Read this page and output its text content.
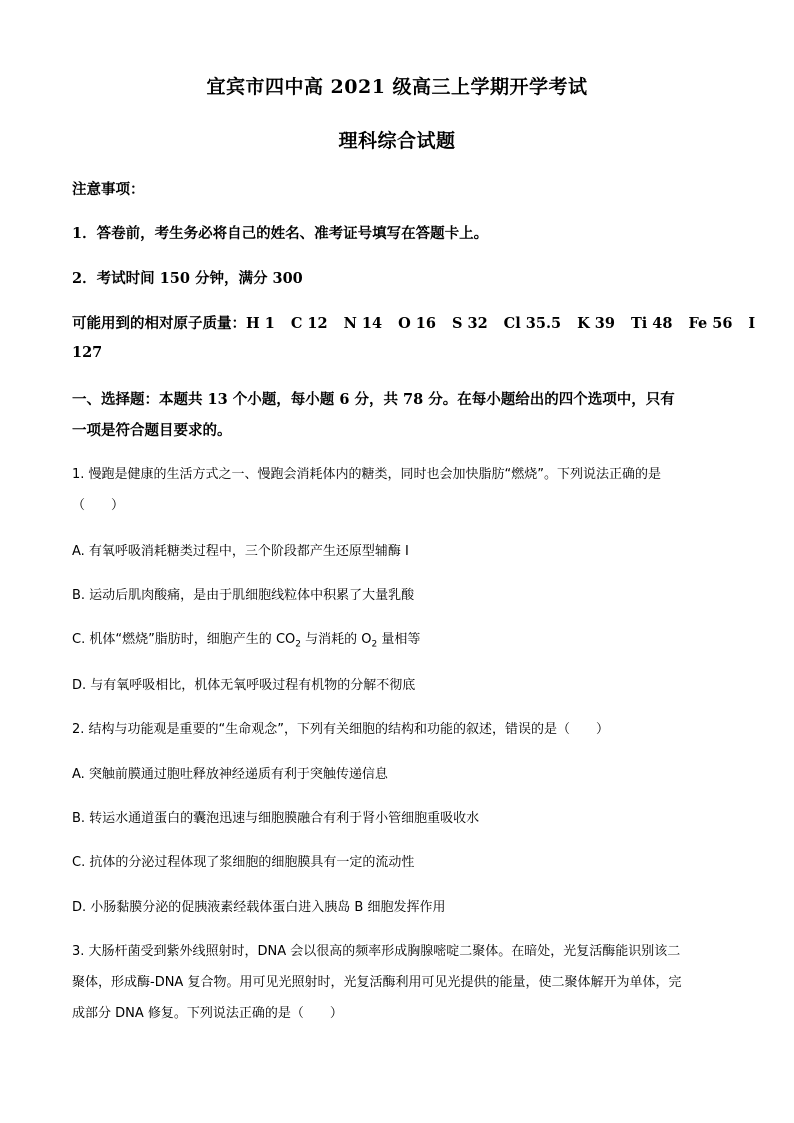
宜宾市四中高 2021 级高三上学期开学考试
理科综合试题
注意事项：
1．答卷前，考生务必将自己的姓名、准考证号填写在答题卡上。
2．考试时间 150 分钟，满分 300
可能用到的相对原子质量：H 1 C 12 N 14 O 16 S 32 Cl 35.5 K 39 Ti 48 Fe 56 I
127
一、选择题：本题共 13 个小题，每小题 6 分，共 78 分。在每小题给出的四个选项中，只有
一项是符合题目要求的。
1. 慢跑是健康的生活方式之一、慢跑会消耗体内的糖类，同时也会加快脂肪“燃烧”。下列说法正确的是
（　　）
A. 有氧呼吸消耗糖类过程中，三个阶段都产生还原型辅酶 I
B. 运动后肌肉酸痛，是由于肌细胞线粒体中积累了大量乳酸
C. 机体“燃烧”脂肪时，细胞产生的 $CO_2$ 与消耗的 $O_2$ 量相等
D. 与有氧呼吸相比，机体无氧呼吸过程有机物的分解不彻底
2. 结构与功能观是重要的“生命观念”，下列有关细胞的结构和功能的叙述，错误的是（　　）
A. 突触前膜通过胞吐释放神经递质有利于突触传递信息
B. 转运水通道蛋白的囊泡迅速与细胞膜融合有利于肾小管细胞重吸收水
C. 抗体的分泌过程体现了浆细胞的细胞膜具有一定的流动性
D. 小肠黏膜分泌的促胰液素经载体蛋白进入胰岛 B 细胞发挥作用
3. 大肠杆菌受到紫外线照射时，DNA 会以很高的频率形成胸腺嘧啶二聚体。在暗处，光复活酶能识别该二
聚体，形成酶-DNA 复合物。用可见光照射时，光复活酶利用可见光提供的能量，使二聚体解开为单体，完
成部分 DNA 修复。下列说法正确的是（　　）
